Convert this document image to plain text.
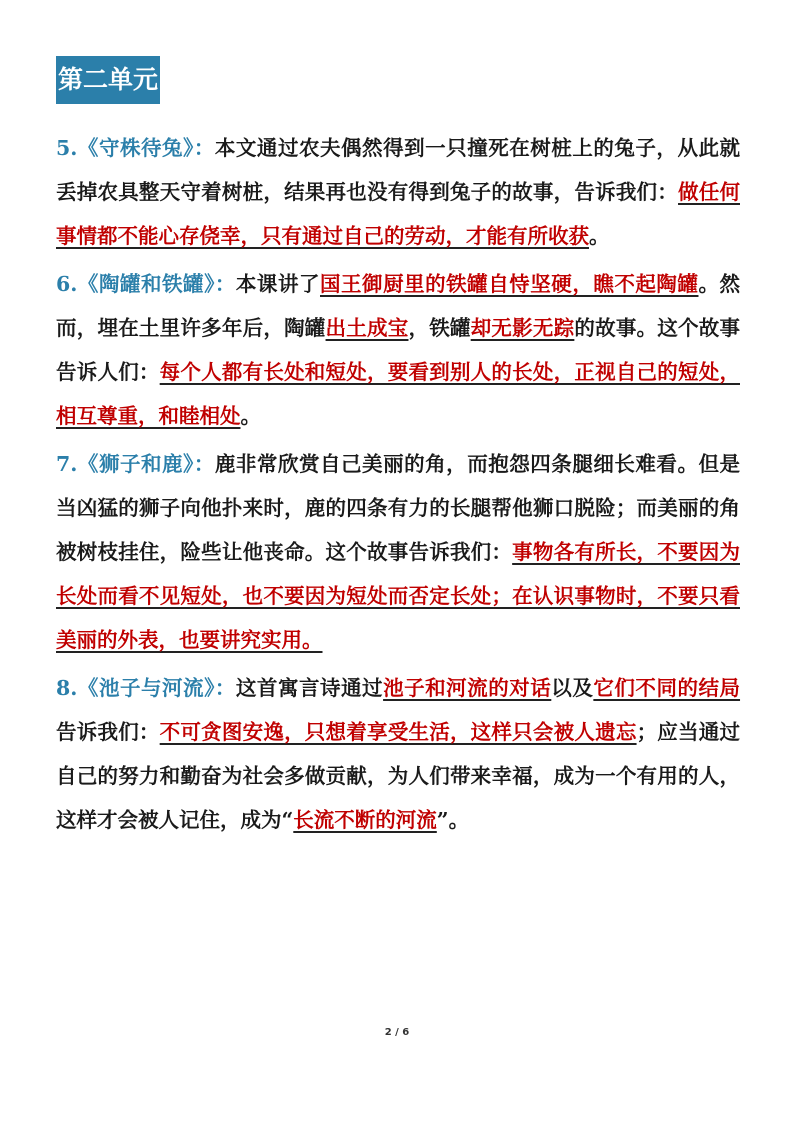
第二单元

5.《守株待兔》：本文通过农夫偶然得到一只撞死在树桩上的兔子，从此就丢掉农具整天守着树桩，结果再也没有得到兔子的故事，告诉我们：做任何事情都不能心存侥幸，只有通过自己的劳动，才能有所收获。

6.《陶罐和铁罐》：本课讲了国王御厨里的铁罐自恃坚硬，瞧不起陶罐。然而，埋在土里许多年后，陶罐出土成宝，铁罐却无影无踪的故事。这个故事告诉人们：每个人都有长处和短处，要看到别人的长处，正视自己的短处，相互尊重，和睦相处。

7.《狮子和鹿》：鹿非常欣赏自己美丽的角，而抱怨四条腿细长难看。但是当凶猛的狮子向他扑来时，鹿的四条有力的长腿帮他狮口脱险；而美丽的角被树枝挂住，险些让他丧命。这个故事告诉我们：事物各有所长，不要因为长处而看不见短处，也不要因为短处而否定长处；在认识事物时，不要只看美丽的外表，也要讲究实用。

8.《池子与河流》：这首寓言诗通过池子和河流的对话以及它们不同的结局告诉我们：不可贪图安逸，只想着享受生活，这样只会被人遗忘；应当通过自己的努力和勤奋为社会多做贡献，为人们带来幸福，成为一个有用的人，这样才会被人记住，成为“长流不断的河流”。

2 / 6
